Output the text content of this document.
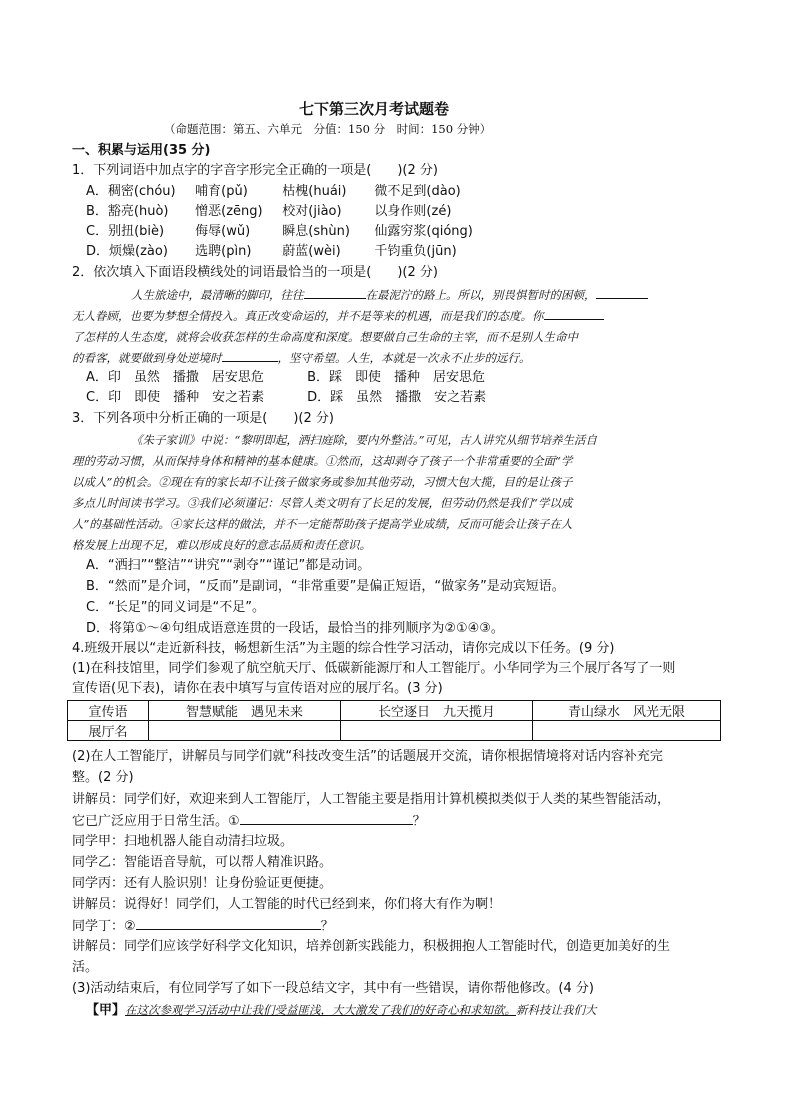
七下第三次月考试题卷
（命题范围：第五、六单元　分值：150 分　时间：150 分钟）
一、积累与运用(35 分)
1．下列词语中加点字的字音字形完全正确的一项是(　　)(2 分)
A．稠密(chóu) 哺育(pǔ)	枯槐(huái) 微不足到(dào)
B．豁亮(huò) 憎恶(zēng) 校对(jiào)	以身作则(zé)
C．别扭(biè) 侮辱(wǔ) 瞬息(shùn) 仙露穷浆(qióng)
D．烦燥(zào) 选聘(pìn) 蔚蓝(wèi)	千钧重负(jūn)
2．依次填入下面语段横线处的词语最恰当的一项是(　　)(2 分)
人生旅途中，最清晰的脚印，往往	在最泥泞的路上。所以，别畏惧暂时的困顿，
无人眷顾，也要为梦想全情投入。真正改变命运的，并不是等来的机遇，而是我们的态度。你
了怎样的人生态度，就将会收获怎样的生命高度和深度。想要做自己生命的主宰，而不是别人生命中
的看客，就要做到身处逆境时	，坚守希望。人生，本就是一次永不止步的远行。
A．印　虽然　播撒　居安思危	B．踩　即使　播种　居安思危
C．印　即使　播种　安之若素	D．踩　虽然　播撒　安之若素
3．下列各项中分析正确的一项是(　　)(2 分)
《朱子家训》中说：“黎明即起，洒扫庭除，要内外整洁。”可见，古人讲究从细节培养生活自
理的劳动习惯，从而保持身体和精神的基本健康。①然而，这却剥夺了孩子一个非常重要的全面“学
以成人”的机会。②现在有的家长却不让孩子做家务或参加其他劳动，习惯大包大揽，目的是让孩子
多点儿时间读书学习。③我们必须谨记：尽管人类文明有了长足的发展，但劳动仍然是我们“学以成
人”的基础性活动。④家长这样的做法，并不一定能帮助孩子提高学业成绩，反而可能会让孩子在人
格发展上出现不足，难以形成良好的意志品质和责任意识。
A．“洒扫”“整洁”“讲究”“剥夺”“谨记”都是动词。
B．“然而”是介词，“反而”是副词，“非常重要”是偏正短语，“做家务”是动宾短语。
C．“长足”的同义词是“不足”。
D．将第①～④句组成语意连贯的一段话，最恰当的排列顺序为②①④③。
4.班级开展以“走近新科技，畅想新生活”为主题的综合性学习活动，请你完成以下任务。(9 分)
(1)在科技馆里，同学们参观了航空航天厅、低碳新能源厅和人工智能厅。小华同学为三个展厅各写了一则
宣传语(见下表)，请你在表中填写与宣传语对应的展厅名。(3 分)
宣传语	智慧赋能　遇见未来	长空逐日　九天揽月	青山绿水　风光无限
展厅名			
(2)在人工智能厅，讲解员与同学们就“科技改变生活”的话题展开交流，请你根据情境将对话内容补充完
整。(2 分)
讲解员：同学们好，欢迎来到人工智能厅，人工智能主要是指用计算机模拟类似于人类的某些智能活动，
它已广泛应用于日常生活。①	？
同学甲：扫地机器人能自动清扫垃圾。
同学乙：智能语音导航，可以帮人精准识路。
同学丙：还有人脸识别！让身份验证更便捷。
讲解员：说得好！同学们，人工智能的时代已经到来，你们将大有作为啊！
同学丁：②	？
讲解员：同学们应该学好科学文化知识，培养创新实践能力，积极拥抱人工智能时代，创造更加美好的生
活。
(3)活动结束后，有位同学写了如下一段总结文字，其中有一些错误，请你帮他修改。(4 分)
【甲】在这次参观学习活动中让我们受益匪浅，大大激发了我们的好奇心和求知欲。新科技让我们大
